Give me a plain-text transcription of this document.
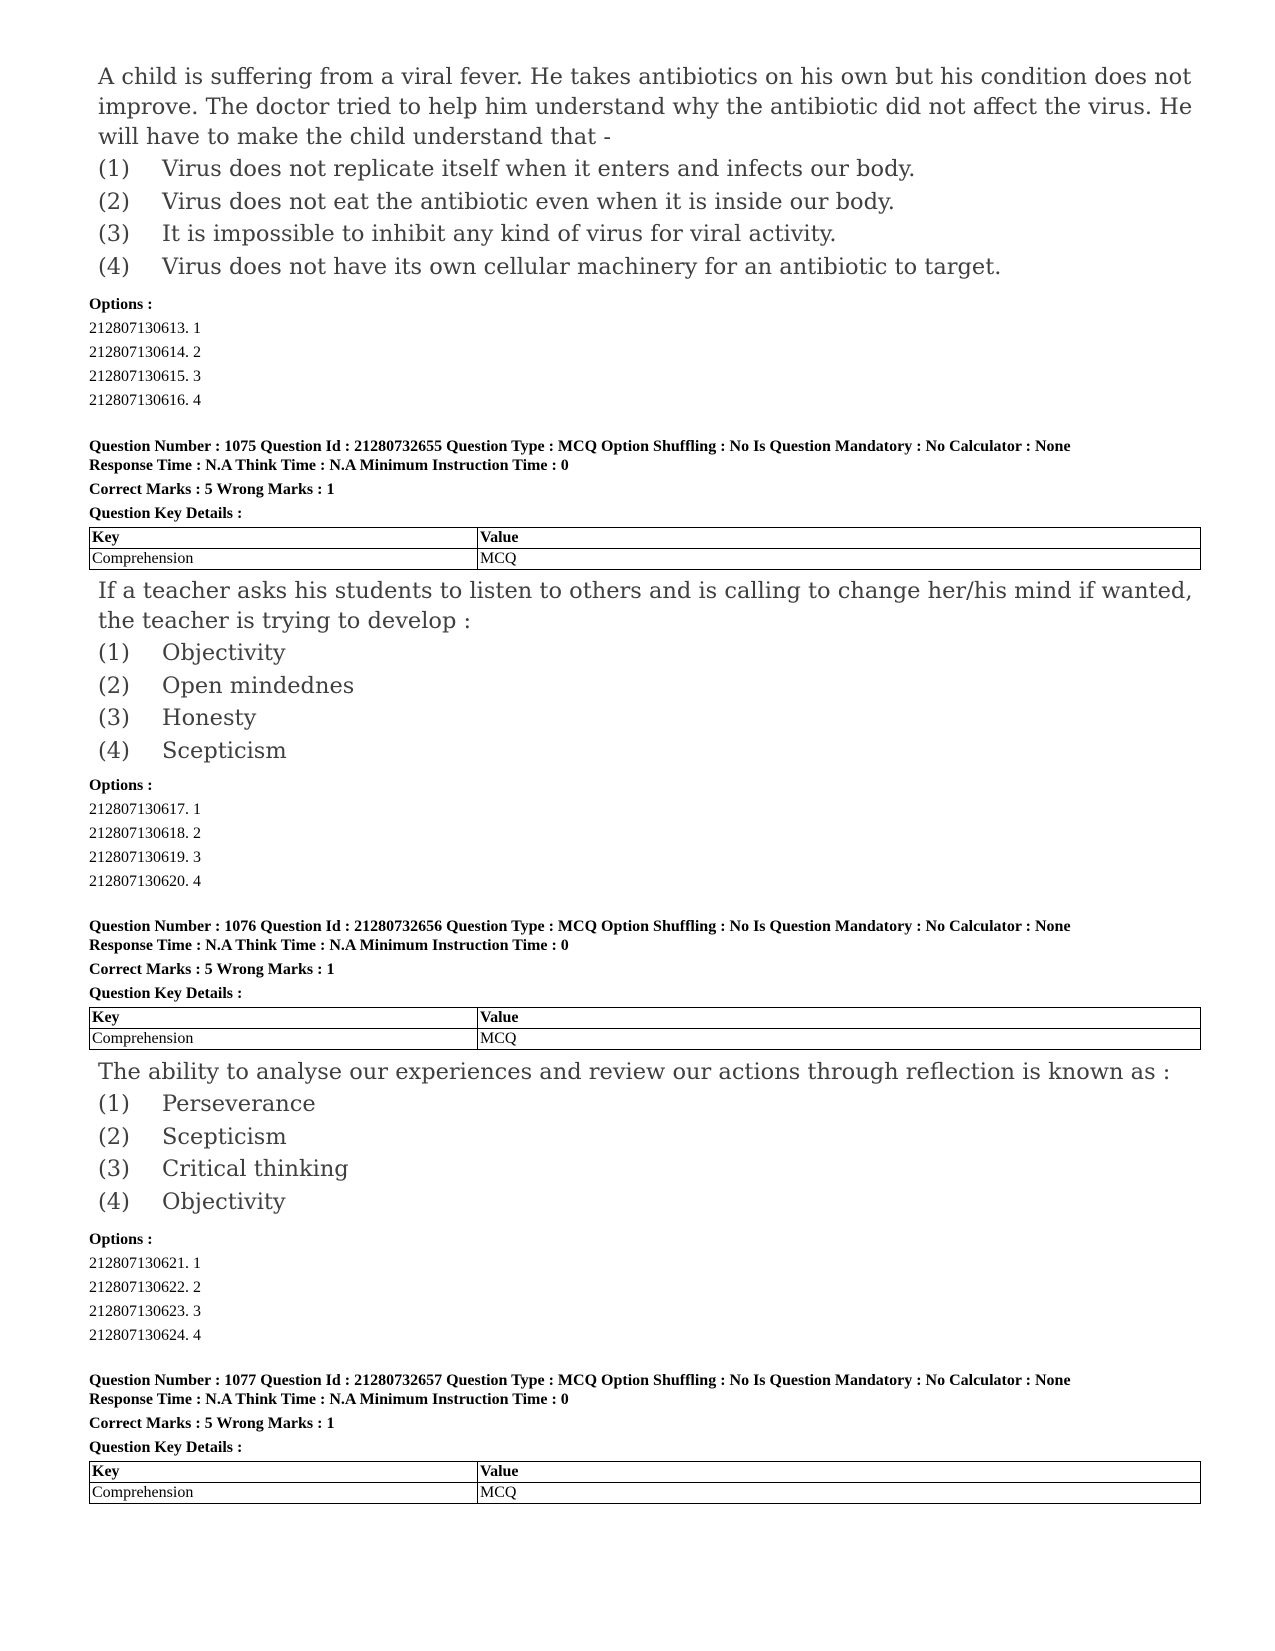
A child is suffering from a viral fever. He takes antibiotics on his own but his condition does not improve. The doctor tried to help him understand why the antibiotic did not affect the virus. He will have to make the child understand that -

(1)	Virus does not replicate itself when it enters and infects our body.
(2)	Virus does not eat the antibiotic even when it is inside our body.
(3)	It is impossible to inhibit any kind of virus for viral activity.
(4)	Virus does not have its own cellular machinery for an antibiotic to target.
Options :
212807130613. 1
212807130614. 2
212807130615. 3
212807130616. 4
Question Number : 1075 Question Id : 21280732655 Question Type : MCQ Option Shuffling : No Is Question Mandatory : No Calculator : None
Response Time : N.A Think Time : N.A Minimum Instruction Time : 0
Correct Marks : 5 Wrong Marks : 1
Question Key Details :
Key	Value
Comprehension	MCQ

If a teacher asks his students to listen to others and is calling to change her/his mind if wanted, the teacher is trying to develop :

(1)	Objectivity
(2)	Open mindednes
(3)	Honesty
(4)	Scepticism
Options :
212807130617. 1
212807130618. 2
212807130619. 3
212807130620. 4
Question Number : 1076 Question Id : 21280732656 Question Type : MCQ Option Shuffling : No Is Question Mandatory : No Calculator : None
Response Time : N.A Think Time : N.A Minimum Instruction Time : 0
Correct Marks : 5 Wrong Marks : 1
Question Key Details :
Key	Value
Comprehension	MCQ

The ability to analyse our experiences and review our actions through reflection is known as :

(1)	Perseverance
(2)	Scepticism
(3)	Critical thinking
(4)	Objectivity
Options :
212807130621. 1
212807130622. 2
212807130623. 3
212807130624. 4
Question Number : 1077 Question Id : 21280732657 Question Type : MCQ Option Shuffling : No Is Question Mandatory : No Calculator : None
Response Time : N.A Think Time : N.A Minimum Instruction Time : 0
Correct Marks : 5 Wrong Marks : 1
Question Key Details :
Key	Value
Comprehension	MCQ
